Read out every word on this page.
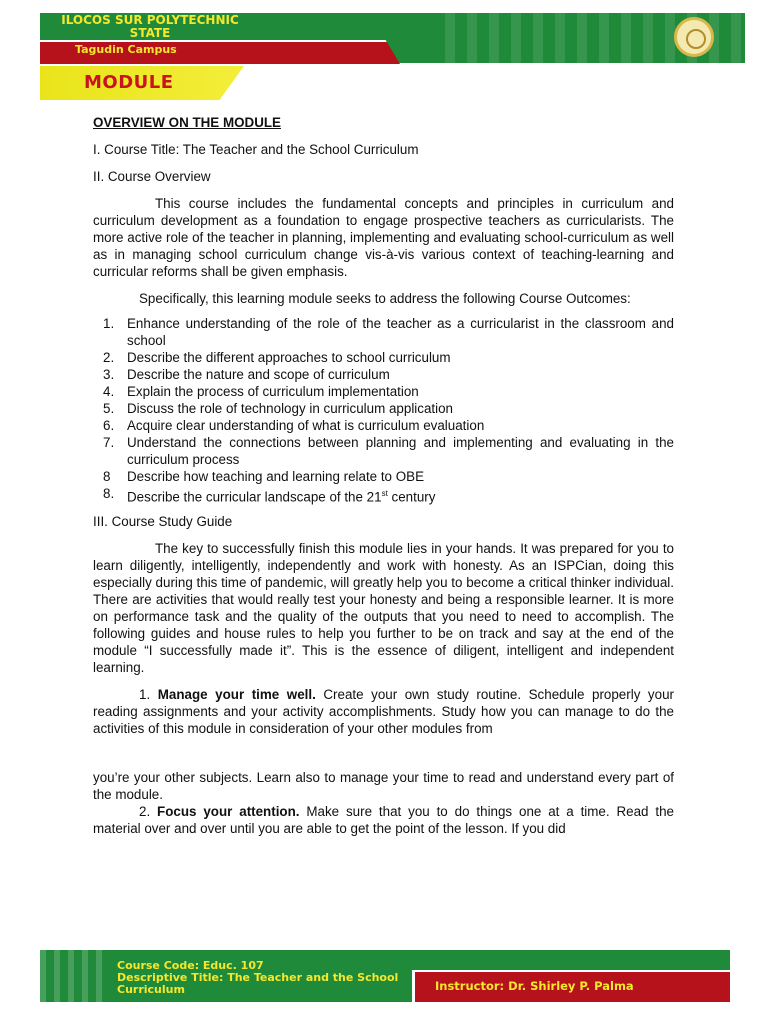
ILOCOS SUR POLYTECHNIC STATE
Tagudin Campus
MODULE

OVERVIEW ON THE MODULE

I. Course Title: The Teacher and the School Curriculum

II. Course Overview

This course includes the fundamental concepts and principles in curriculum and curriculum development as a foundation to engage prospective teachers as curricularists. The more active role of the teacher in planning, implementing and evaluating school-curriculum as well as in managing school curriculum change vis-à-vis various context of teaching-learning and curricular reforms shall be given emphasis.

Specifically, this learning module seeks to address the following Course Outcomes:

1. Enhance understanding of the role of the teacher as a curricularist in the classroom and school
2. Describe the different approaches to school curriculum
3. Describe the nature and scope of curriculum
4. Explain the process of curriculum implementation
5. Discuss the role of technology in curriculum application
6. Acquire clear understanding of what is curriculum evaluation
7. Understand the connections between planning and implementing and evaluating in the curriculum process
8 Describe how teaching and learning relate to OBE
8. Describe the curricular landscape of the 21st century

III. Course Study Guide

The key to successfully finish this module lies in your hands. It was prepared for you to learn diligently, intelligently, independently and work with honesty. As an ISPCian, doing this especially during this time of pandemic, will greatly help you to become a critical thinker individual. There are activities that would really test your honesty and being a responsible learner. It is more on performance task and the quality of the outputs that you need to need to accomplish. The following guides and house rules to help you further to be on track and say at the end of the module “I successfully made it”. This is the essence of diligent, intelligent and independent learning.

1. Manage your time well. Create your own study routine. Schedule properly your reading assignments and your activity accomplishments. Study how you can manage to do the activities of this module in consideration of your other modules from

you’re your other subjects. Learn also to manage your time to read and understand every part of the module.

2. Focus your attention. Make sure that you to do things one at a time. Read the material over and over until you are able to get the point of the lesson. If you did

Course Code: Educ. 107
Descriptive Title: The Teacher and the School Curriculum	Instructor: Dr. Shirley P. Palma
